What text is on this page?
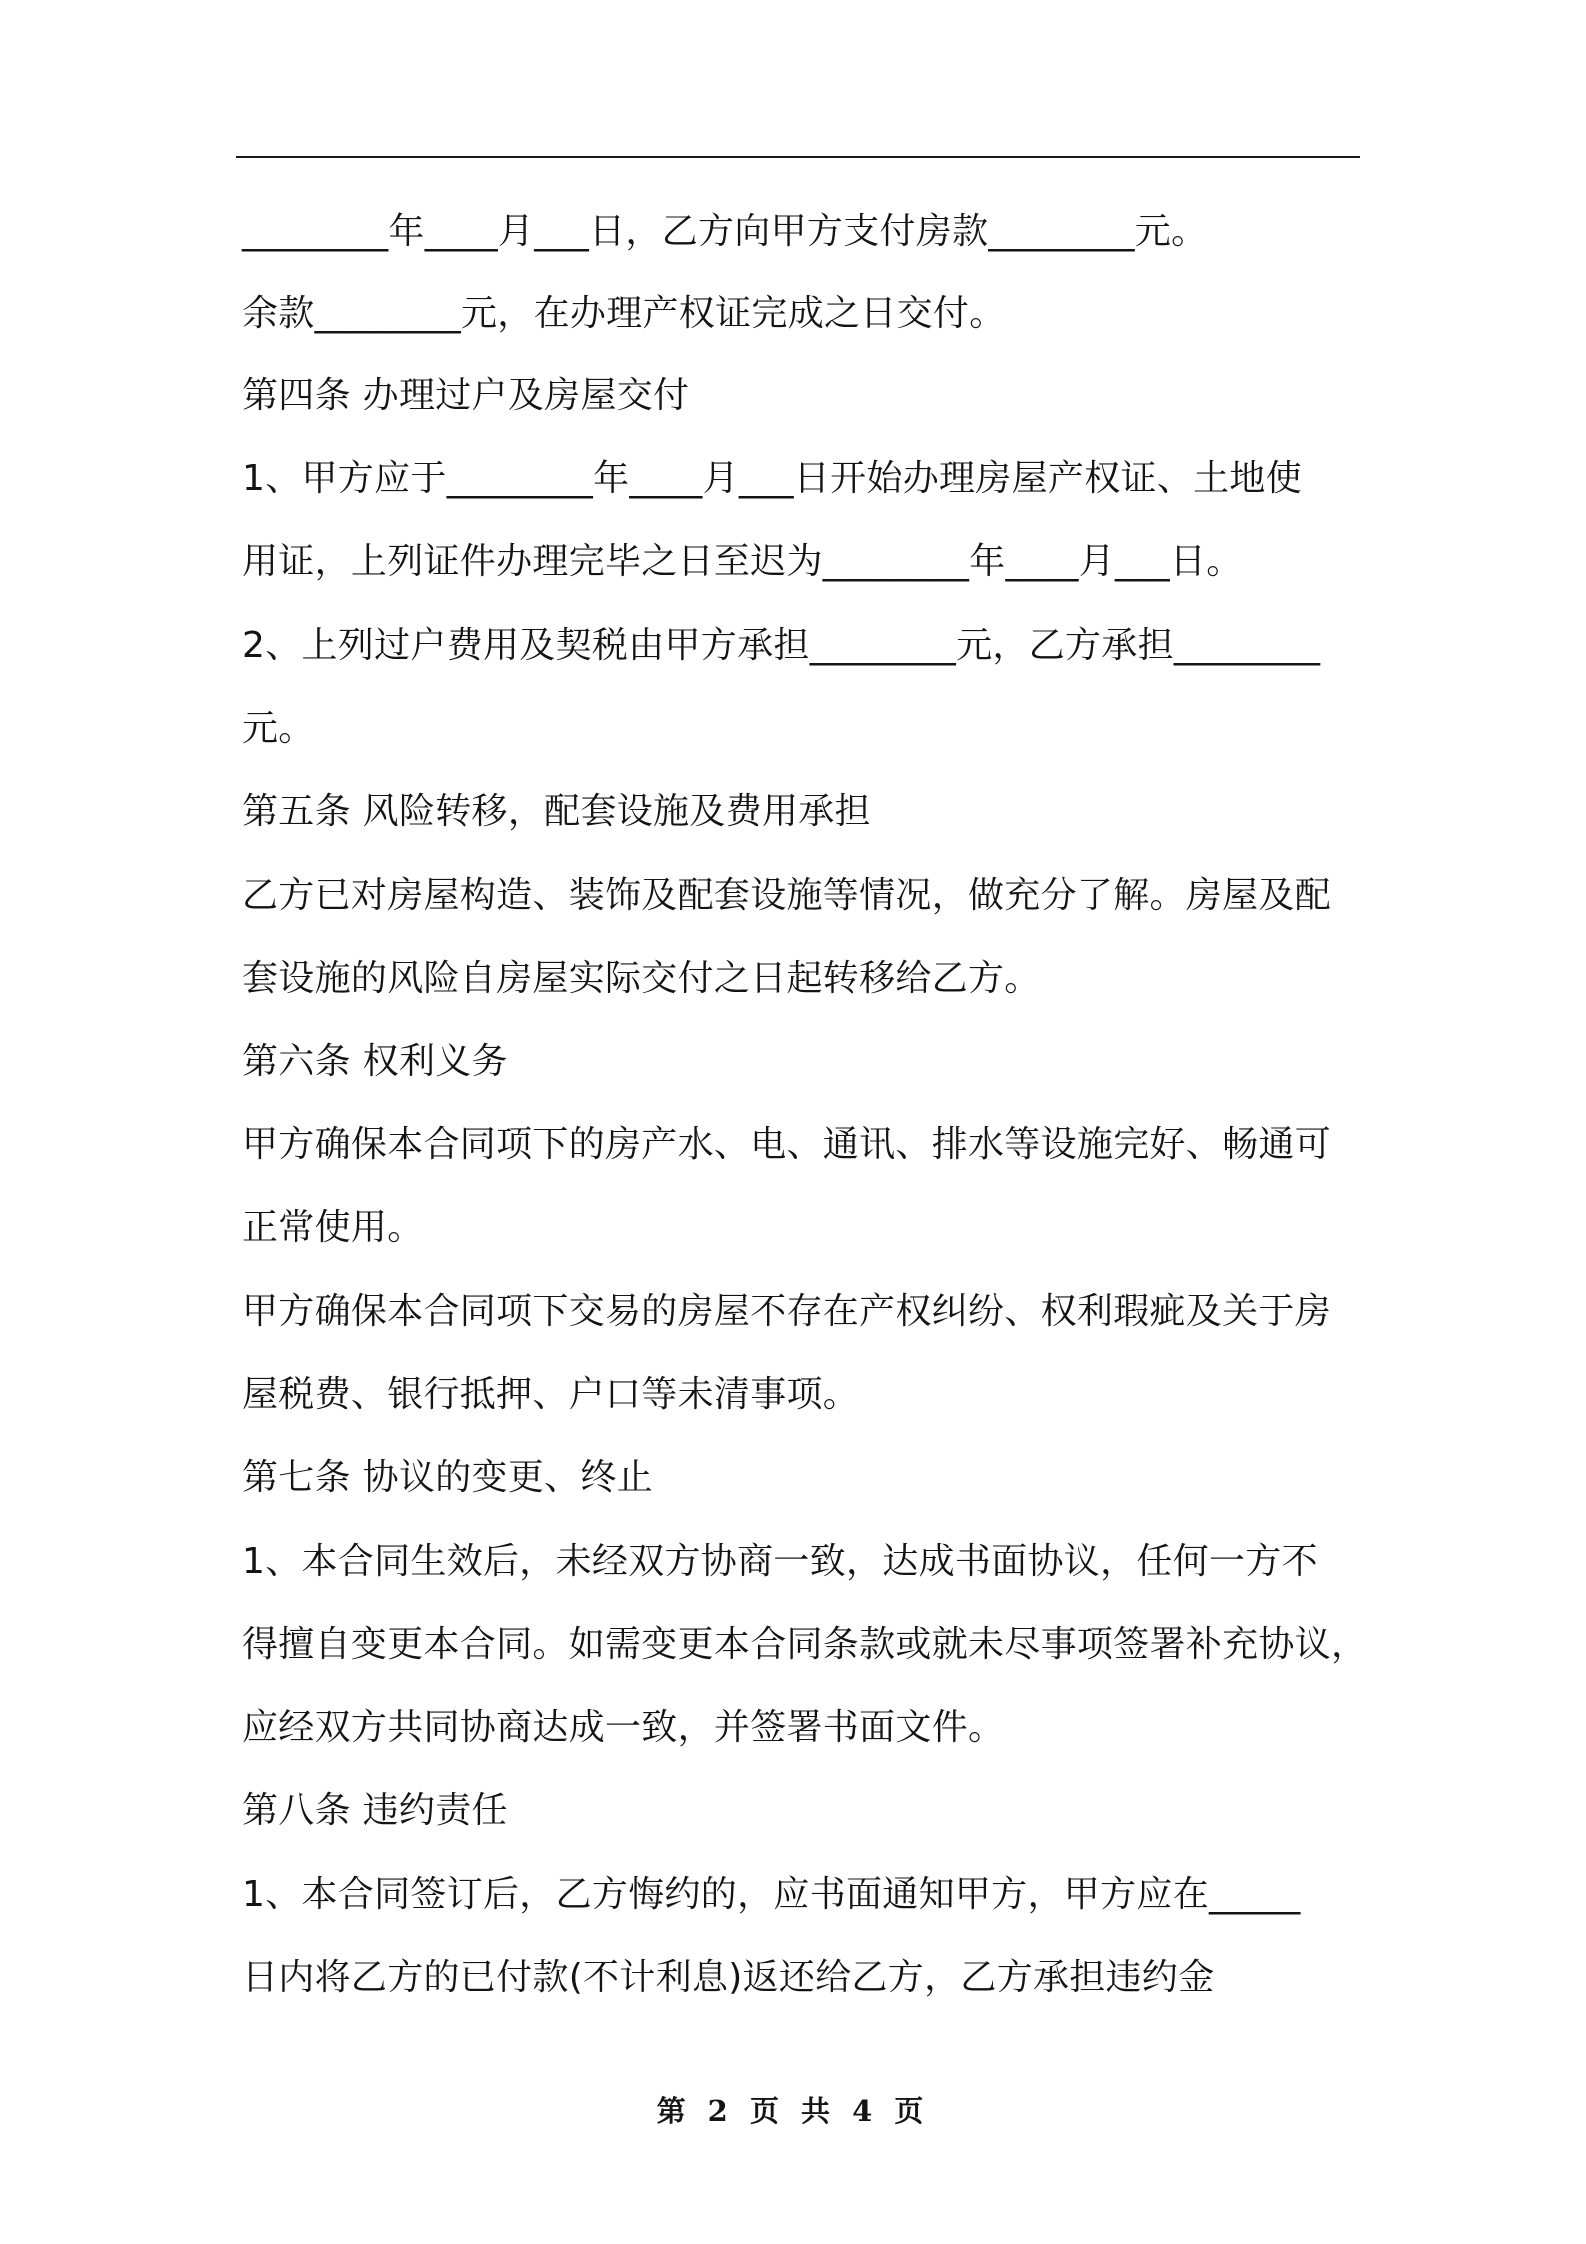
________年____月___日，乙方向甲方支付房款________元。
余款________元，在办理产权证完成之日交付。
第四条 办理过户及房屋交付
1、甲方应于________年____月___日开始办理房屋产权证、土地使
用证，上列证件办理完毕之日至迟为________年____月___日。
2、上列过户费用及契税由甲方承担________元，乙方承担________
元。
第五条 风险转移，配套设施及费用承担
乙方已对房屋构造、装饰及配套设施等情况，做充分了解。房屋及配
套设施的风险自房屋实际交付之日起转移给乙方。
第六条 权利义务
甲方确保本合同项下的房产水、电、通讯、排水等设施完好、畅通可
正常使用。
甲方确保本合同项下交易的房屋不存在产权纠纷、权利瑕疵及关于房
屋税费、银行抵押、户口等未清事项。
第七条 协议的变更、终止
1、本合同生效后，未经双方协商一致，达成书面协议，任何一方不
得擅自变更本合同。如需变更本合同条款或就未尽事项签署补充协议，
应经双方共同协商达成一致，并签署书面文件。
第八条 违约责任
1、本合同签订后，乙方悔约的，应书面通知甲方，甲方应在_____
日内将乙方的已付款(不计利息)返还给乙方，乙方承担违约金
第 2 页 共 4 页
